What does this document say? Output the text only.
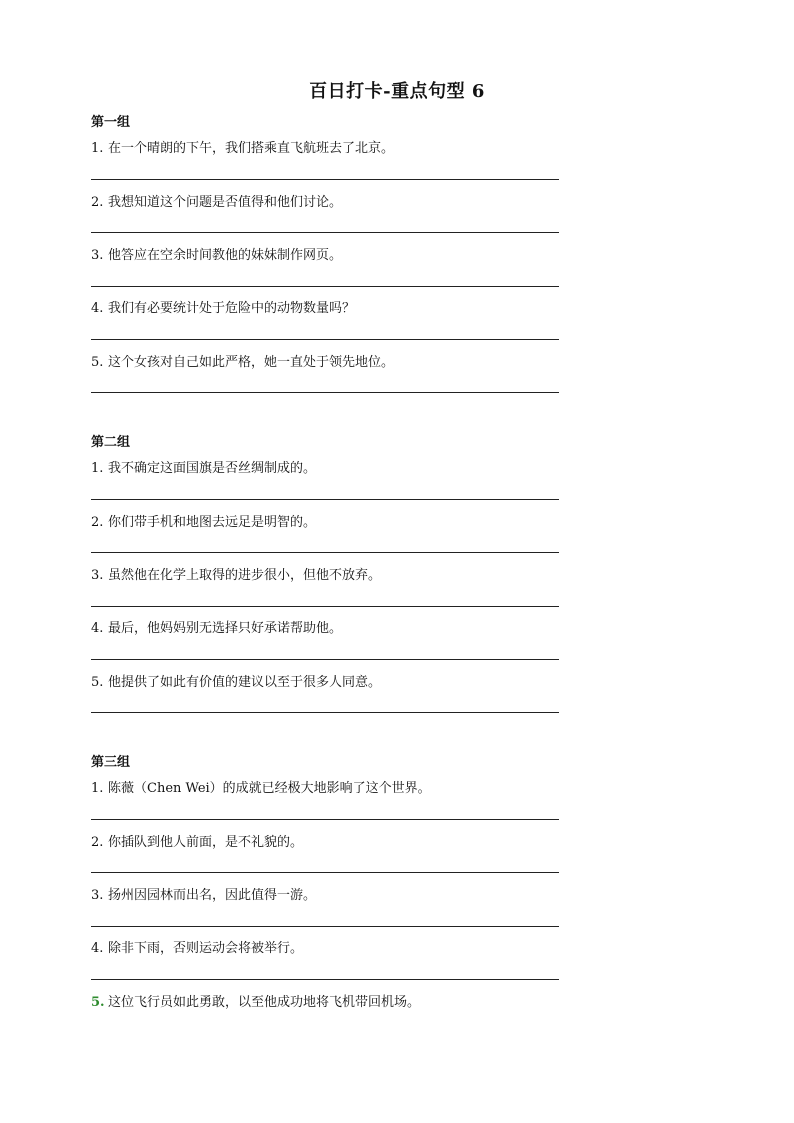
百日打卡-重点句型 6
第一组
1. 在一个晴朗的下午，我们搭乘直飞航班去了北京。
2. 我想知道这个问题是否值得和他们讨论。
3. 他答应在空余时间教他的妹妹制作网页。
4. 我们有必要统计处于危险中的动物数量吗？
5. 这个女孩对自己如此严格，她一直处于领先地位。
第二组
1. 我不确定这面国旗是否丝绸制成的。
2. 你们带手机和地图去远足是明智的。
3. 虽然他在化学上取得的进步很小，但他不放弃。
4. 最后，他妈妈别无选择只好承诺帮助他。
5. 他提供了如此有价值的建议以至于很多人同意。
第三组
1. 陈薇（Chen Wei）的成就已经极大地影响了这个世界。
2. 你插队到他人前面，是不礼貌的。
3. 扬州因园林而出名，因此值得一游。
4. 除非下雨，否则运动会将被举行。
5. 这位飞行员如此勇敢，以至他成功地将飞机带回机场。
